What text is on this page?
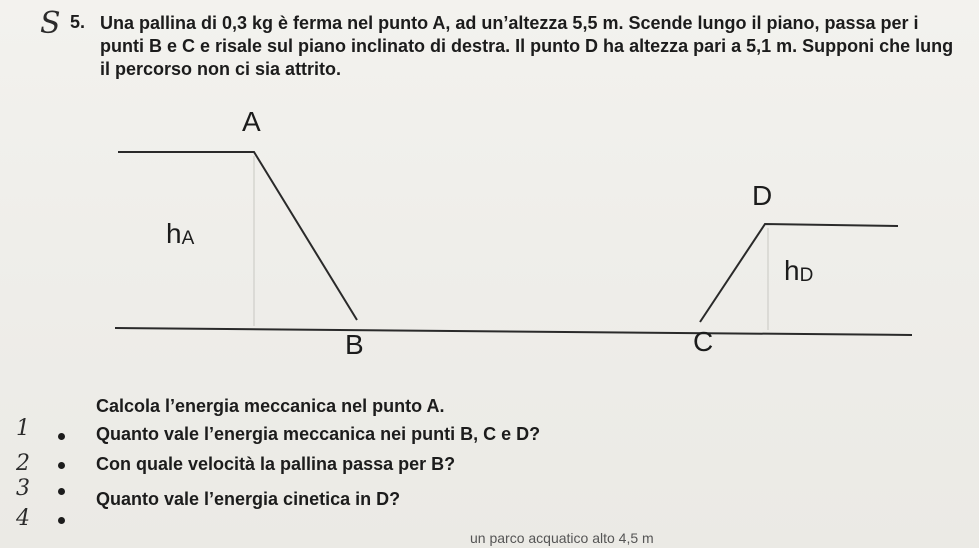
S 5. Una pallina di 0,3 kg è ferma nel punto A, ad un’altezza 5,5 m. Scende lungo il piano, passa per i
punti B e C e risale sul piano inclinato di destra. Il punto D ha altezza pari a 5,1 m. Supponi che lung
il percorso non ci sia attrito.
A
B	C
D
hA
hD
1
Calcola l’energia meccanica nel punto A.
2
Quanto vale l’energia meccanica nei punti B, C e D?
3
Con quale velocità la pallina passa per B?
4
Quanto vale l’energia cinetica in D?
un parco acquatico alto 4,5 m
